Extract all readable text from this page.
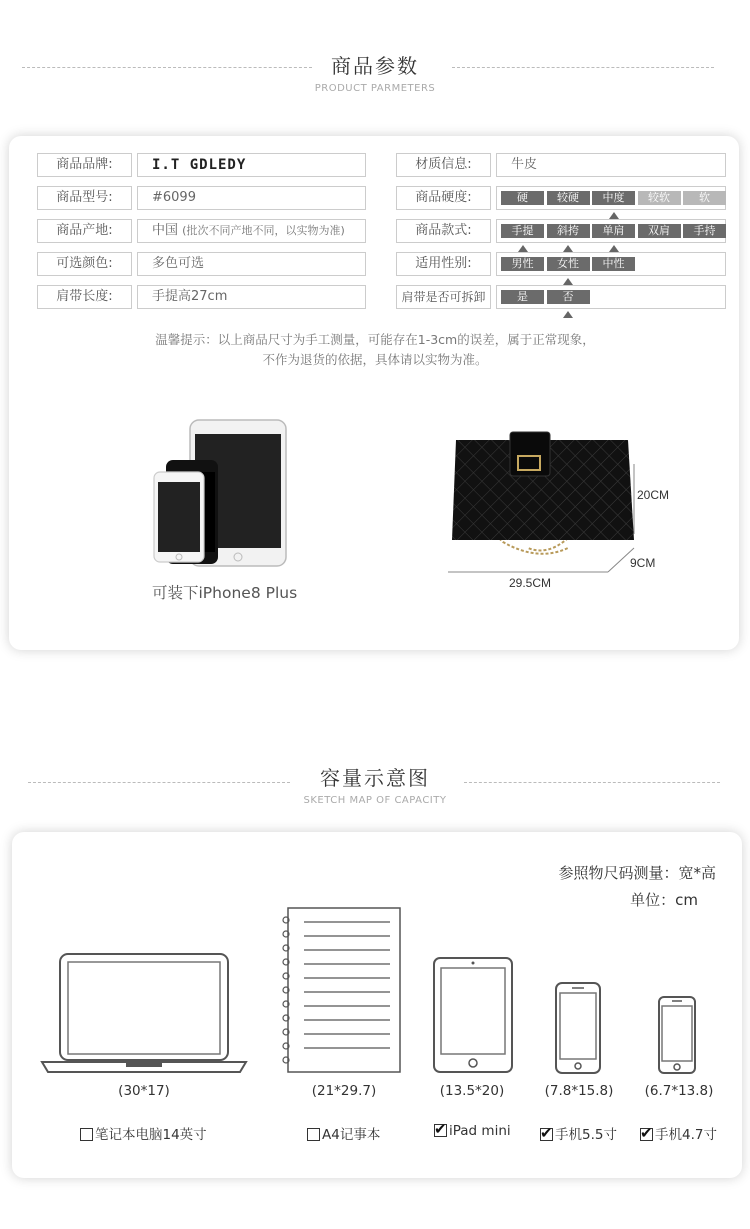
商品参数
PRODUCT PARMETERS
商品品牌:	I.T GDLEDY
商品型号:	#6099
商品产地:	中国 (批次不同产地不同，以实物为准)
可选颜色:	多色可选
肩带长度:	手提高27cm
材质信息:	牛皮
商品硬度:	硬	较硬	中度	较软	软
商品款式:	手提	斜挎	单肩	双肩	手持
适用性别:	男性	女性	中性
肩带是否可拆卸	是	否
温馨提示：以上商品尺寸为手工测量，可能存在1-3cm的误差，属于正常现象，
不作为退货的依据，具体请以实物为准。
可装下iPhone8 Plus
20CM
9CM
29.5CM
容量示意图
SKETCH MAP OF CAPACITY
参照物尺码测量：宽*高
单位：cm
(30*17)	(21*29.7)	(13.5*20)	(7.8*15.8)	(6.7*13.8)
笔记本电脑14英寸	A4记事本 ✔	iPad mini ✔	手机5.5寸 ✔	手机4.7寸
